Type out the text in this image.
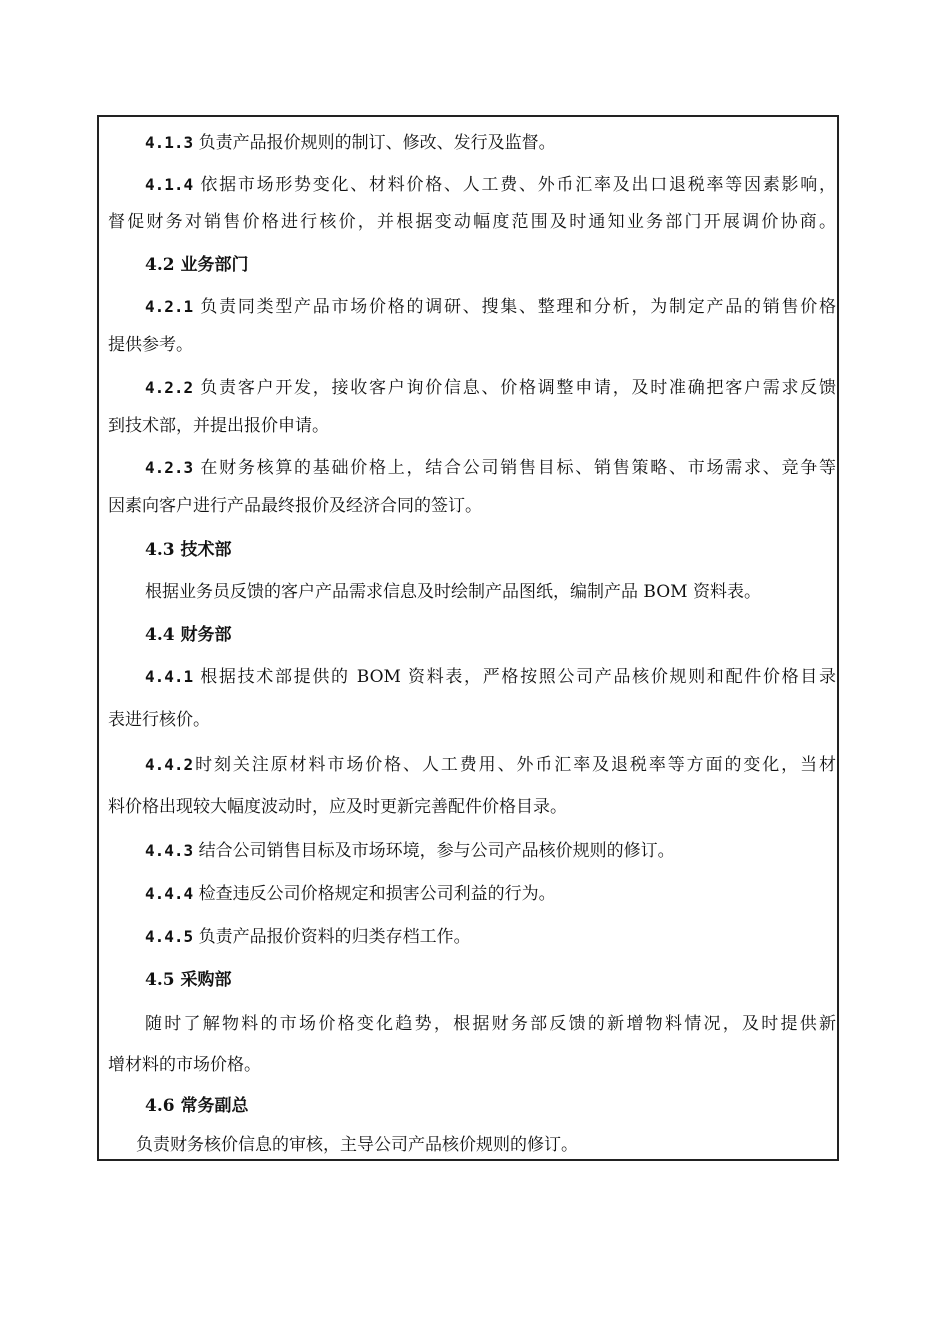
4.1.3 负责产品报价规则的制订、修改、发行及监督。
4.1.4 依据市场形势变化、材料价格、人工费、外币汇率及出口退税率等因素影响，
督促财务对销售价格进行核价，并根据变动幅度范围及时通知业务部门开展调价协商。
4.2 业务部门
4.2.1 负责同类型产品市场价格的调研、搜集、整理和分析，为制定产品的销售价格
提供参考。
4.2.2 负责客户开发，接收客户询价信息、价格调整申请，及时准确把客户需求反馈
到技术部，并提出报价申请。
4.2.3 在财务核算的基础价格上，结合公司销售目标、销售策略、市场需求、竞争等
因素向客户进行产品最终报价及经济合同的签订。
4.3 技术部
根据业务员反馈的客户产品需求信息及时绘制产品图纸，编制产品 BOM 资料表。
4.4 财务部
4.4.1 根据技术部提供的 BOM 资料表，严格按照公司产品核价规则和配件价格目录
表进行核价。
4.4.2时刻关注原材料市场价格、人工费用、外币汇率及退税率等方面的变化，当材
料价格出现较大幅度波动时，应及时更新完善配件价格目录。
4.4.3 结合公司销售目标及市场环境，参与公司产品核价规则的修订。
4.4.4 检查违反公司价格规定和损害公司利益的行为。
4.4.5 负责产品报价资料的归类存档工作。
4.5 采购部
随时了解物料的市场价格变化趋势，根据财务部反馈的新增物料情况，及时提供新
增材料的市场价格。
4.6 常务副总
负责财务核价信息的审核，主导公司产品核价规则的修订。
